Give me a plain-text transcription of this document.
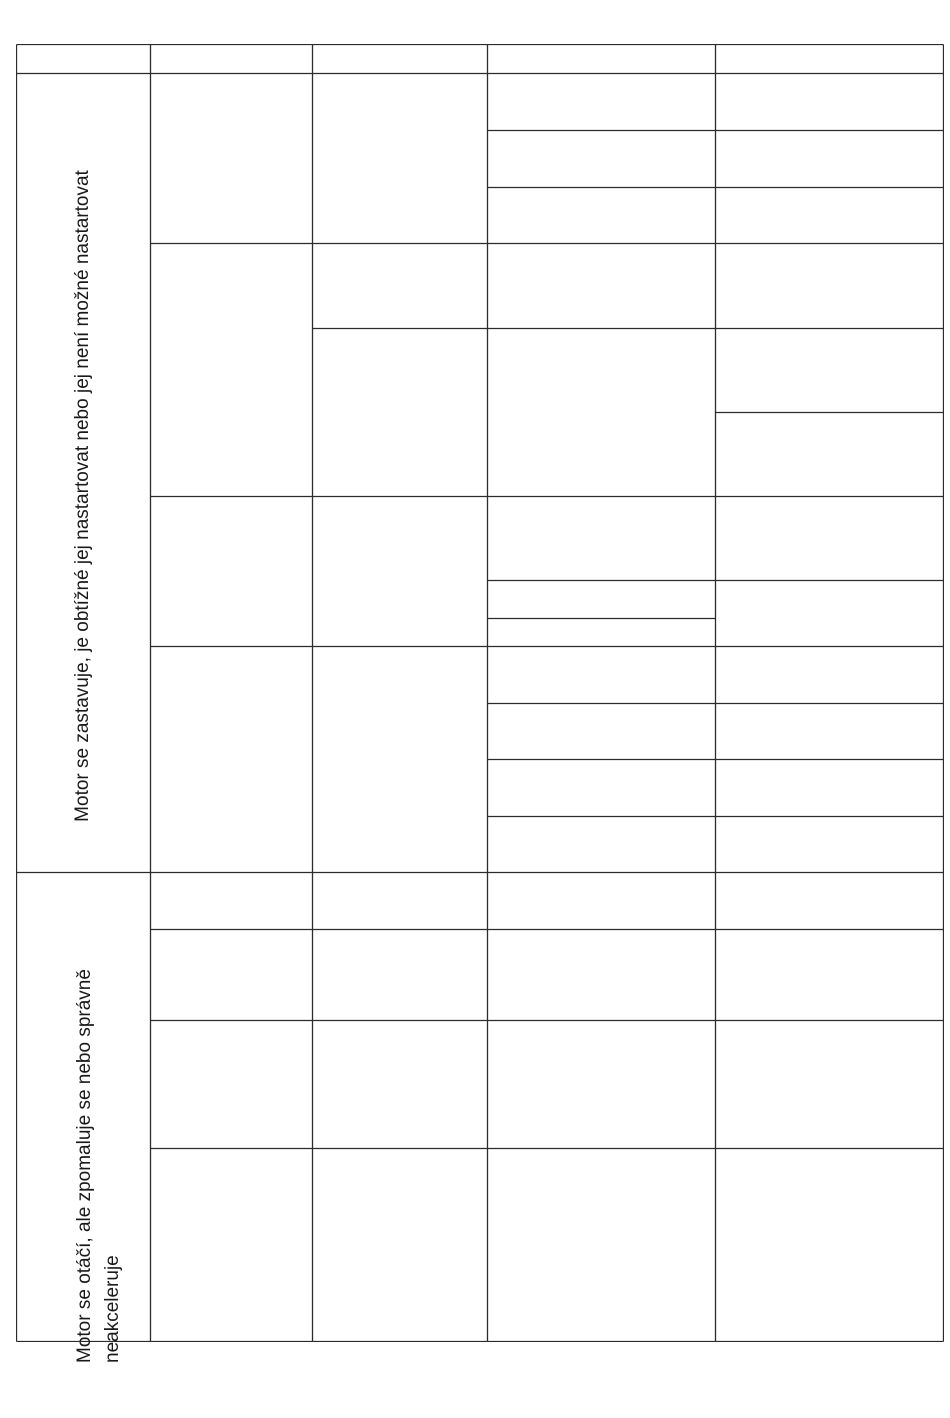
Motor se zastavuje, je obtížné jej nastartovat nebo jej není možné nastartovat
Motor se otáčí, ale zpomaluje se nebo správně neakceleruje
